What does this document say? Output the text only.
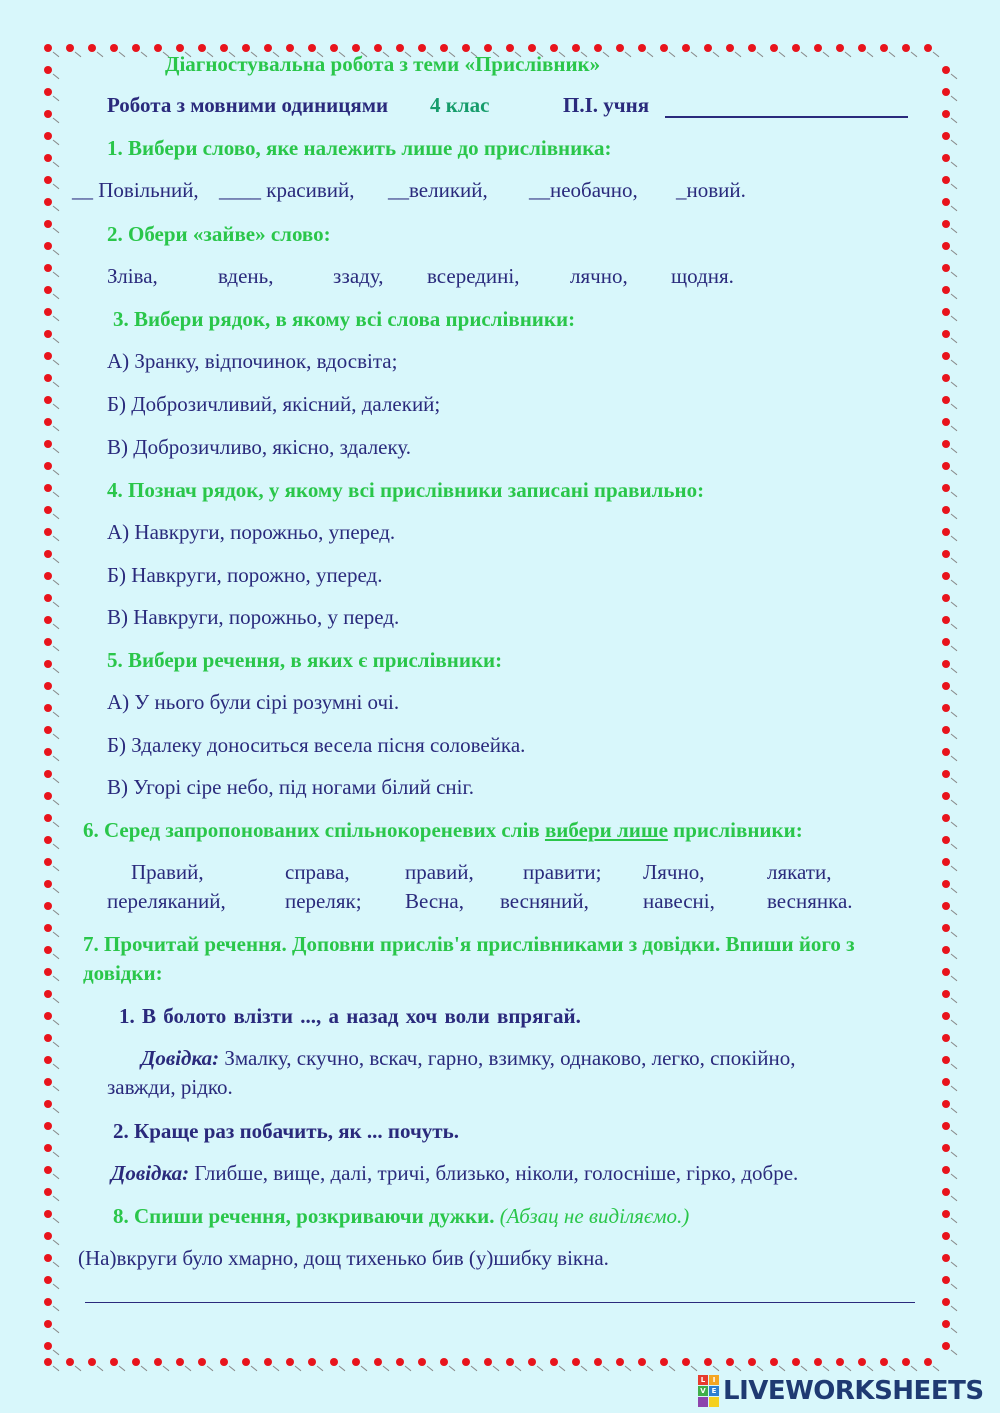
Діагностувальна робота з теми «Прислівник»
Робота з мовними одиницями 4 клас	П.І. учня
1. Вибери слово, яке належить лише до прислівника:
__ Повільний, ____ красивий, __великий, __необачно, _новий.
2. Обери «зайве» слово:
Зліва,	вдень,	ззаду, всередині, лячно, щодня.
3. Вибери рядок, в якому всі слова прислівники:
А) Зранку, відпочинок, вдосвіта;
Б) Доброзичливий, якісний, далекий;
В) Доброзичливо, якісно, здалеку.
4. Познач рядок, у якому всі прислівники записані правильно:
А) Навкруги, порожньо, уперед.
Б) Навкруги, порожно, уперед.
В) Навкруги, порожньо, у перед.
5. Вибери речення, в яких є прислівники:
А) У нього були сірі розумні очі.
Б) Здалеку доноситься весела пісня соловейка.
В) Угорі сіре небо, під ногами білий сніг.
6. Серед запропонованих спільнокореневих слів вибери лише прислівники:
Правий,	справа,	правий, правити; Лячно,	лякати,
переляканий,	переляк; Весна, весняний,	навесні, веснянка.
7. Прочитай речення. Доповни прислів'я прислівниками з довідки. Впиши його з
довідки:
1. В болото влізти ..., а назад хоч воли впрягай.
Довідка: Змалку, скучно, вскач, гарно, взимку, однаково, легко, спокійно,
завжди, рідко.
2. Краще раз побачить, як ... почуть.
Довідка: Глибше, вище, далі, тричі, близько, ніколи, голосніше, гірко, добре.
8. Спиши речення, розкриваючи дужки. (Абзац не виділяємо.)
(На)вкруги було хмарно, дощ тихенько бив (у)шибку вікна.
L	I
V E LIVEWORKSHEETS
